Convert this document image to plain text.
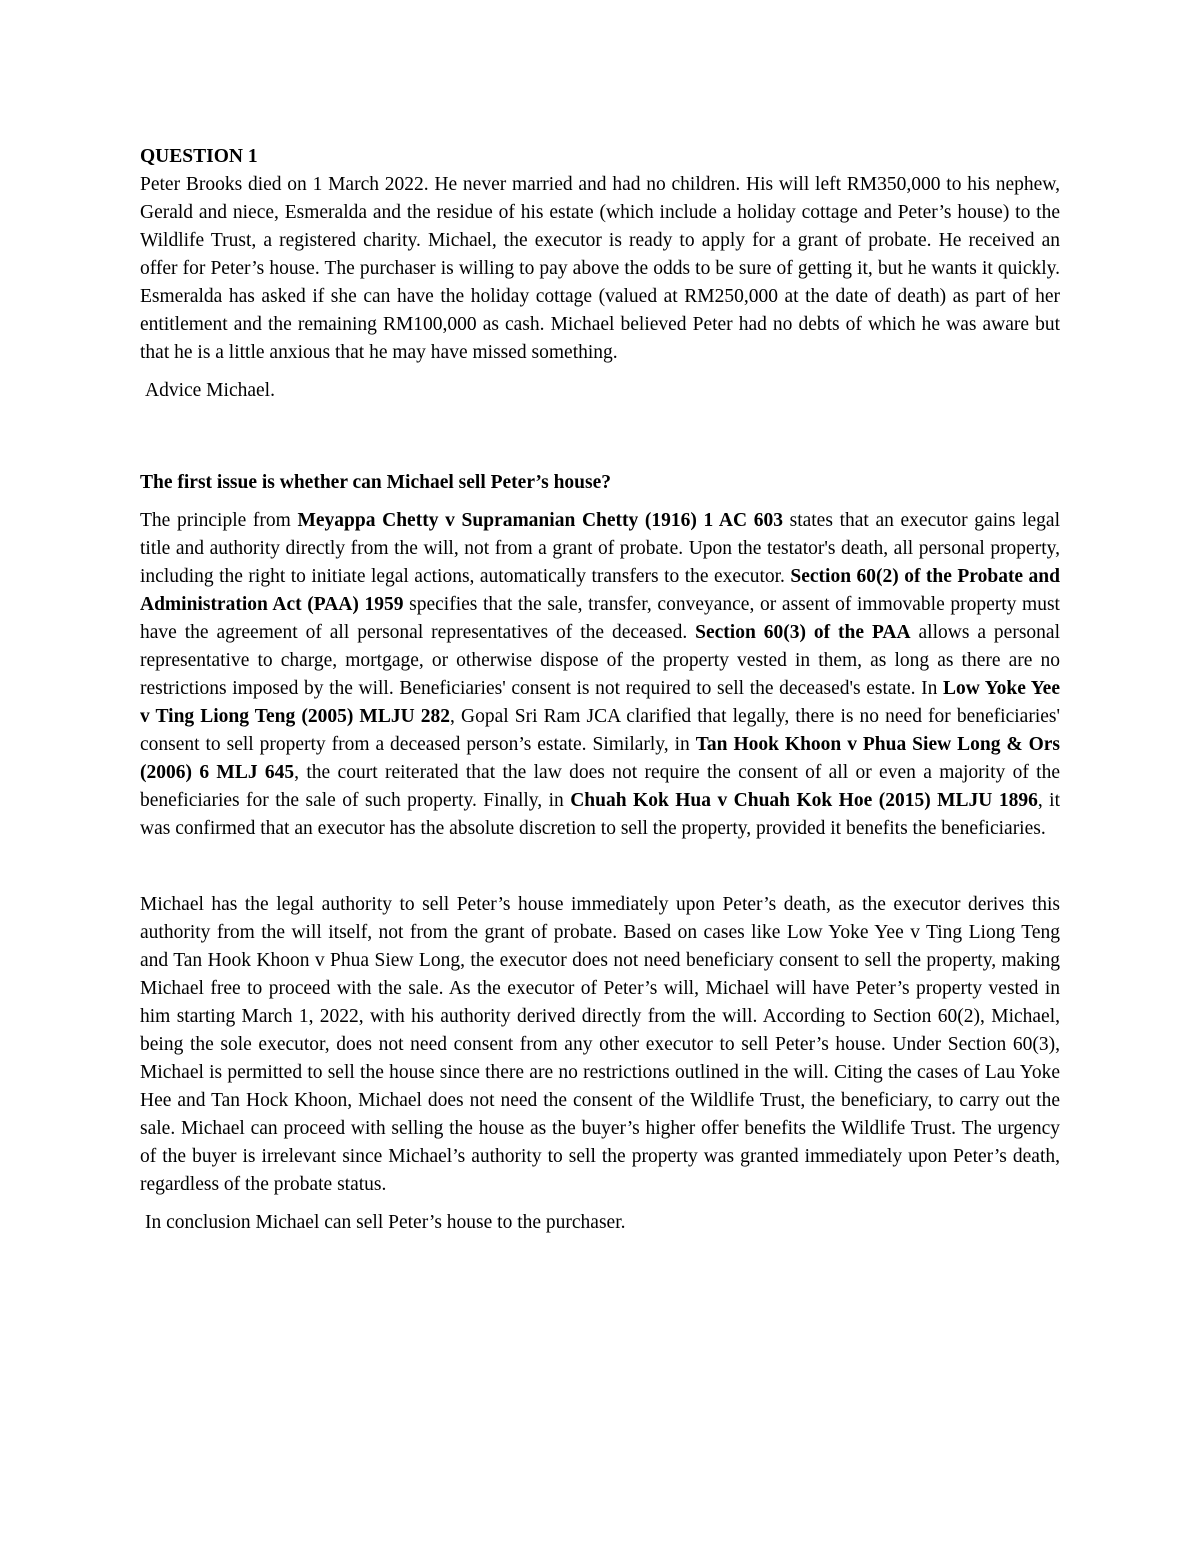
QUESTION 1

Peter Brooks died on 1 March 2022. He never married and had no children. His will left RM350,000 to his nephew, Gerald and niece, Esmeralda and the residue of his estate (which include a holiday cottage and Peter’s house) to the Wildlife Trust, a registered charity. Michael, the executor is ready to apply for a grant of probate. He received an offer for Peter’s house. The purchaser is willing to pay above the odds to be sure of getting it, but he wants it quickly. Esmeralda has asked if she can have the holiday cottage (valued at RM250,000 at the date of death) as part of her entitlement and the remaining RM100,000 as cash. Michael believed Peter had no debts of which he was aware but that he is a little anxious that he may have missed something.

Advice Michael.

The first issue is whether can Michael sell Peter’s house?

The principle from Meyappa Chetty v Supramanian Chetty (1916) 1 AC 603 states that an executor gains legal title and authority directly from the will, not from a grant of probate. Upon the testator's death, all personal property, including the right to initiate legal actions, automatically transfers to the executor. Section 60(2) of the Probate and Administration Act (PAA) 1959 specifies that the sale, transfer, conveyance, or assent of immovable property must have the agreement of all personal representatives of the deceased. Section 60(3) of the PAA allows a personal representative to charge, mortgage, or otherwise dispose of the property vested in them, as long as there are no restrictions imposed by the will. Beneficiaries' consent is not required to sell the deceased's estate. In Low Yoke Yee v Ting Liong Teng (2005) MLJU 282, Gopal Sri Ram JCA clarified that legally, there is no need for beneficiaries' consent to sell property from a deceased person’s estate. Similarly, in Tan Hook Khoon v Phua Siew Long & Ors (2006) 6 MLJ 645, the court reiterated that the law does not require the consent of all or even a majority of the beneficiaries for the sale of such property. Finally, in Chuah Kok Hua v Chuah Kok Hoe (2015) MLJU 1896, it was confirmed that an executor has the absolute discretion to sell the property, provided it benefits the beneficiaries.

Michael has the legal authority to sell Peter’s house immediately upon Peter’s death, as the executor derives this authority from the will itself, not from the grant of probate. Based on cases like Low Yoke Yee v Ting Liong Teng and Tan Hook Khoon v Phua Siew Long, the executor does not need beneficiary consent to sell the property, making Michael free to proceed with the sale. As the executor of Peter’s will, Michael will have Peter’s property vested in him starting March 1, 2022, with his authority derived directly from the will. According to Section 60(2), Michael, being the sole executor, does not need consent from any other executor to sell Peter’s house. Under Section 60(3), Michael is permitted to sell the house since there are no restrictions outlined in the will. Citing the cases of Lau Yoke Hee and Tan Hock Khoon, Michael does not need the consent of the Wildlife Trust, the beneficiary, to carry out the sale. Michael can proceed with selling the house as the buyer’s higher offer benefits the Wildlife Trust. The urgency of the buyer is irrelevant since Michael’s authority to sell the property was granted immediately upon Peter’s death, regardless of the probate status.

In conclusion Michael can sell Peter’s house to the purchaser.
